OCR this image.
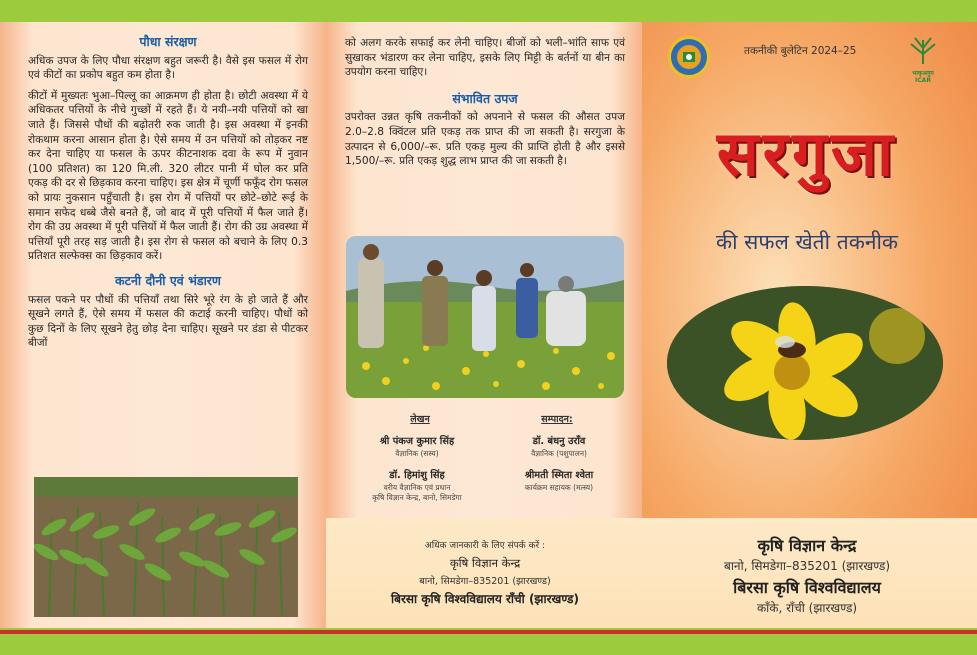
पौधा संरक्षण

अधिक उपज के लिए पौधा संरक्षण बहुत जरूरी है। वैसे इस फसल में रोग एवं कीटों का प्रकोप बहुत कम होता है।

कीटों में मुख्यतः भुआ–पिल्लू का आक्रमण ही होता है। छोटी अवस्था में ये अधिकतर पत्तियों के नीचे गुच्छों में रहते हैं। ये नयी–नयी पत्तियों को खा जाते हैं। जिससे पौधों की बढ़ोतरी रुक जाती है। इस अवस्था में इनकी रोकथाम करना आसान होता है। ऐसे समय में उन पत्तियों को तोड़कर नष्ट कर देना चाहिए या फसल के ऊपर कीटनाशक दवा के रूप में नुवान (100 प्रतिशत) का 120 मि.ली. 320 लीटर पानी में घोल कर प्रति एकड़ की दर से छिड़काव करना चाहिए। इस क्षेत्र में चूर्णी फफूँद रोग फसल को प्रायः नुकसान पहुँचाती है। इस रोग में पत्तियों पर छोटे–छोटे रूई के समान सफेद धब्बे जैसे बनते हैं, जो बाद में पूरी पत्तियों में फैल जाते हैं। रोग की उग्र अवस्था में पूरी पत्तियों में फैल जाती हैं। रोग की उग्र अवस्था में पत्तियाँ पूरी तरह सड़ जाती है। इस रोग से फसल को बचाने के लिए 0.3 प्रतिशत सल्फेक्स का छिड़काव करें।

कटनी दौनी एवं भंडारण

फसल पकने पर पौधों की पत्तियाँ तथा सिरे भूरे रंग के हो जाते हैं और सूखने लगते हैं, ऐसे समय में फसल की कटाई करनी चाहिए। पौधों को कुछ दिनों के लिए सूखने हेतु छोड़ देना चाहिए। सूखने पर डंडा से पीटकर बीजों

को अलग करके सफाई कर लेनी चाहिए। बीजों को भली–भांति साफ एवं सुखाकर भंडारण कर लेना चाहिए, इसके लिए मिट्टी के बर्तनों या बीन का उपयोग करना चाहिए।

संभावित उपज

उपरोक्त उन्नत कृषि तकनीकों को अपनाने से फसल की औसत उपज 2.0–2.8 क्विंटल प्रति एकड़ तक प्राप्त की जा सकती है। सरगुजा के उत्पादन से 6,000/–रू. प्रति एकड़ मुल्य की प्राप्ति होती है और इससे 1,500/–रू. प्रति एकड़ शुद्ध लाभ प्राप्त की जा सकती है।

लेखन	सम्पादन:
श्री पंकज कुमार सिंह
वैज्ञानिक (सस्य)
डॉ. बंधनु उराँव
वैज्ञानिक (पशुपालन)
डॉ. हिमांशु सिंह
वरीय वैज्ञानिक एवं प्रधान
कृषि विज्ञान केन्द्र, बानो, सिमडेगा
श्रीमती स्मिता श्वेता
कार्यक्रम सहायक (मत्स्य)
तकनीकी बुलेटिन 2024–25
भाकृअनुप
ICAR
सरगुजा
की सफल खेती तकनीक
अधिक जानकारी के लिए संपर्क करें :
कृषि विज्ञान केन्द्र
बानो, सिमडेगा–835201 (झारखण्ड)
बिरसा कृषि विश्वविद्यालय राँची (झारखण्ड)
कृषि विज्ञान केन्द्र
बानो, सिमडेगा–835201 (झारखण्ड)
बिरसा कृषि विश्वविद्यालय
काँके, राँची (झारखण्ड)
